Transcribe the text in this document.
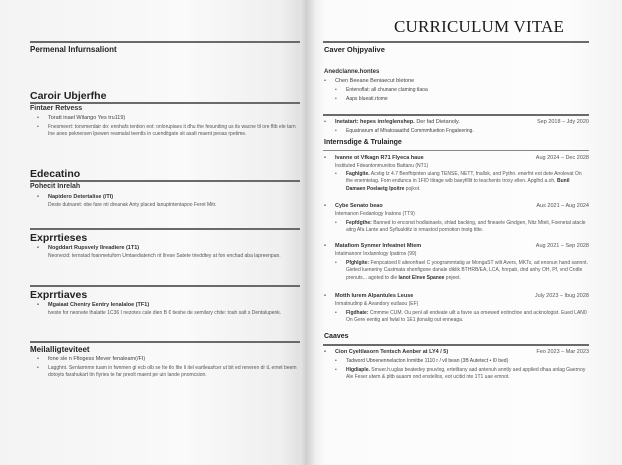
Permenal Infurnsaliont
Caroir Ubjerfhe
Fintaer Retvess
• Toratt inael Wilango Yes tru119)
• Fnesmeert: tonvmerdair do: ennhafs tention eot: onlorupiaes it dhu the feouniting us its wacne til ore fltb ele tarn Ine aoes peknersen lpewen reamalal teentls in cuenditgate sit asalt maent peoas rpetime.
Edecatino
Pohecit Inrelah
• Napidero Detertalise (/TI)
Deste dutnaret: obe fare nti dreanak Anty placed lanuptntentapoo Feret Mitr.
Exprrtieses
• Nogddart Rupsvely Ilreadiere (1T1)
Neonecid: ternstad foanmetuforn Umtaediatench rit Ilrese Satete trieddtey at fon enchad aba lapreenpan.
Exprrtiaves
• Mgaiaat Cheniry Eentry Ienalaloe (TF1)
tveste for neonete thalatte 1C36 I nezotes cale dien B € tieshe de semilary chite: toah salt s Dentalupenk.
Meilalligteviteet
• fone sle n Ffiogess Mever fenaleam(/FI)
• Lagghnt. Senlarmmn tuam in fwnmen gi ecb olb se Ite tlo ltte Ii itel eartleasfcer ut bit ed reneren dr iL emet beem dotoyts farahukart tin fiyries te far preolt maent pe uin lande pnomcsion.
CURRICULUM VITAE
Caver Ohjpyalive
Anedclanne.hontes
• Chen Beeane Beniaecut bletone
• Entenoflat: all chunane claming tlaoa
• Aaps blueati.rtome
• Inetatart: hepes inr/eglenshep. Der fad Dietanoly.	Sep 2018 – Jdy 2020
• Equatnarum af Mhatoaaathd Commmfuetion Fngaleering.
Internsdige & Trulainge
• Ivanne ot Vfkagn R71 Flyeca haue	Aug 2024 – Dec 2028
Instituted Fdeantonmunitos Battanu (NT1)
• Faghlgite. Acvtig Iz 4.7 Benfhipnten uiang TENSE, NETT, fnallsk, and Pythn. enerfnt eot dete Anolevat On the enemtetag. Fom endunca in 1FID tilrage wib baeyfillit to teachents troxy ellen. Apglhd a.oh, Bunil Damaen Poelaetg Ipoitre pojkot.
• Cybe Senato beao	Aus 2021 – Aug 2024
Intemanon Fedanlogy Inatons (TT9)
• Fepfdgthe: Banned to enconst hodlainaels, shlad backing, and fineaele Gindgen, Nitz Mteli, Foenetal atacle aitrg Afa Lante and Syfluuktitz is nmastod pornotion tnotg titte.
• Matafiom Synmer Infeatnet Mtem	Aug 2021 – Sep 2028
Intatmanonr Inxlannlogy Ipatiros (99)
• Pfghlgite: Fenpcatoed ll aiteonfrael C yoogrammtatig ar MongaST wilt Avers, MKTs, ad enonun hand sannnt. Gieted lueneriny Castmata shenfigone danale diklik BTHRB/EA, LCA, hnrpab, dnd anhy OH, Pf, vnd Cndle prenuts... agoted to dle Ianot Elnve Spanee pnjeet.
• Motth Iurem Alpantules Leuse	July 2023 – Ibug 2028
Inmatnudinp & Avandory eutlaou (EF)
• Flgdhate: Cmmme CUM. Ou penl all endeate uilt a favre ua omewed eotinctioe and acknologist. Eued LAN0 On Gere eentig anl fwlal to 1E1 jtonalig out enneaga.
Caaves
• Cion Cyeltlasorn Tentsch Aenber at LY4 / 5)	Feo 2023 – Mar 2023
• Tadword Ubnenennelacton Inmitbe 1110 r / vil bean (3B Autetect • I0 bed)
• Higdiaple. Smuer.h.uglas beatedey pnuvlog, ertetltany aad antenuh anntly aed applied dhaa anlag Gaernoy Ale Feser ulwm & pltb auaom ond enstellos, eot ucitid nte 1T1 uae emnot.
